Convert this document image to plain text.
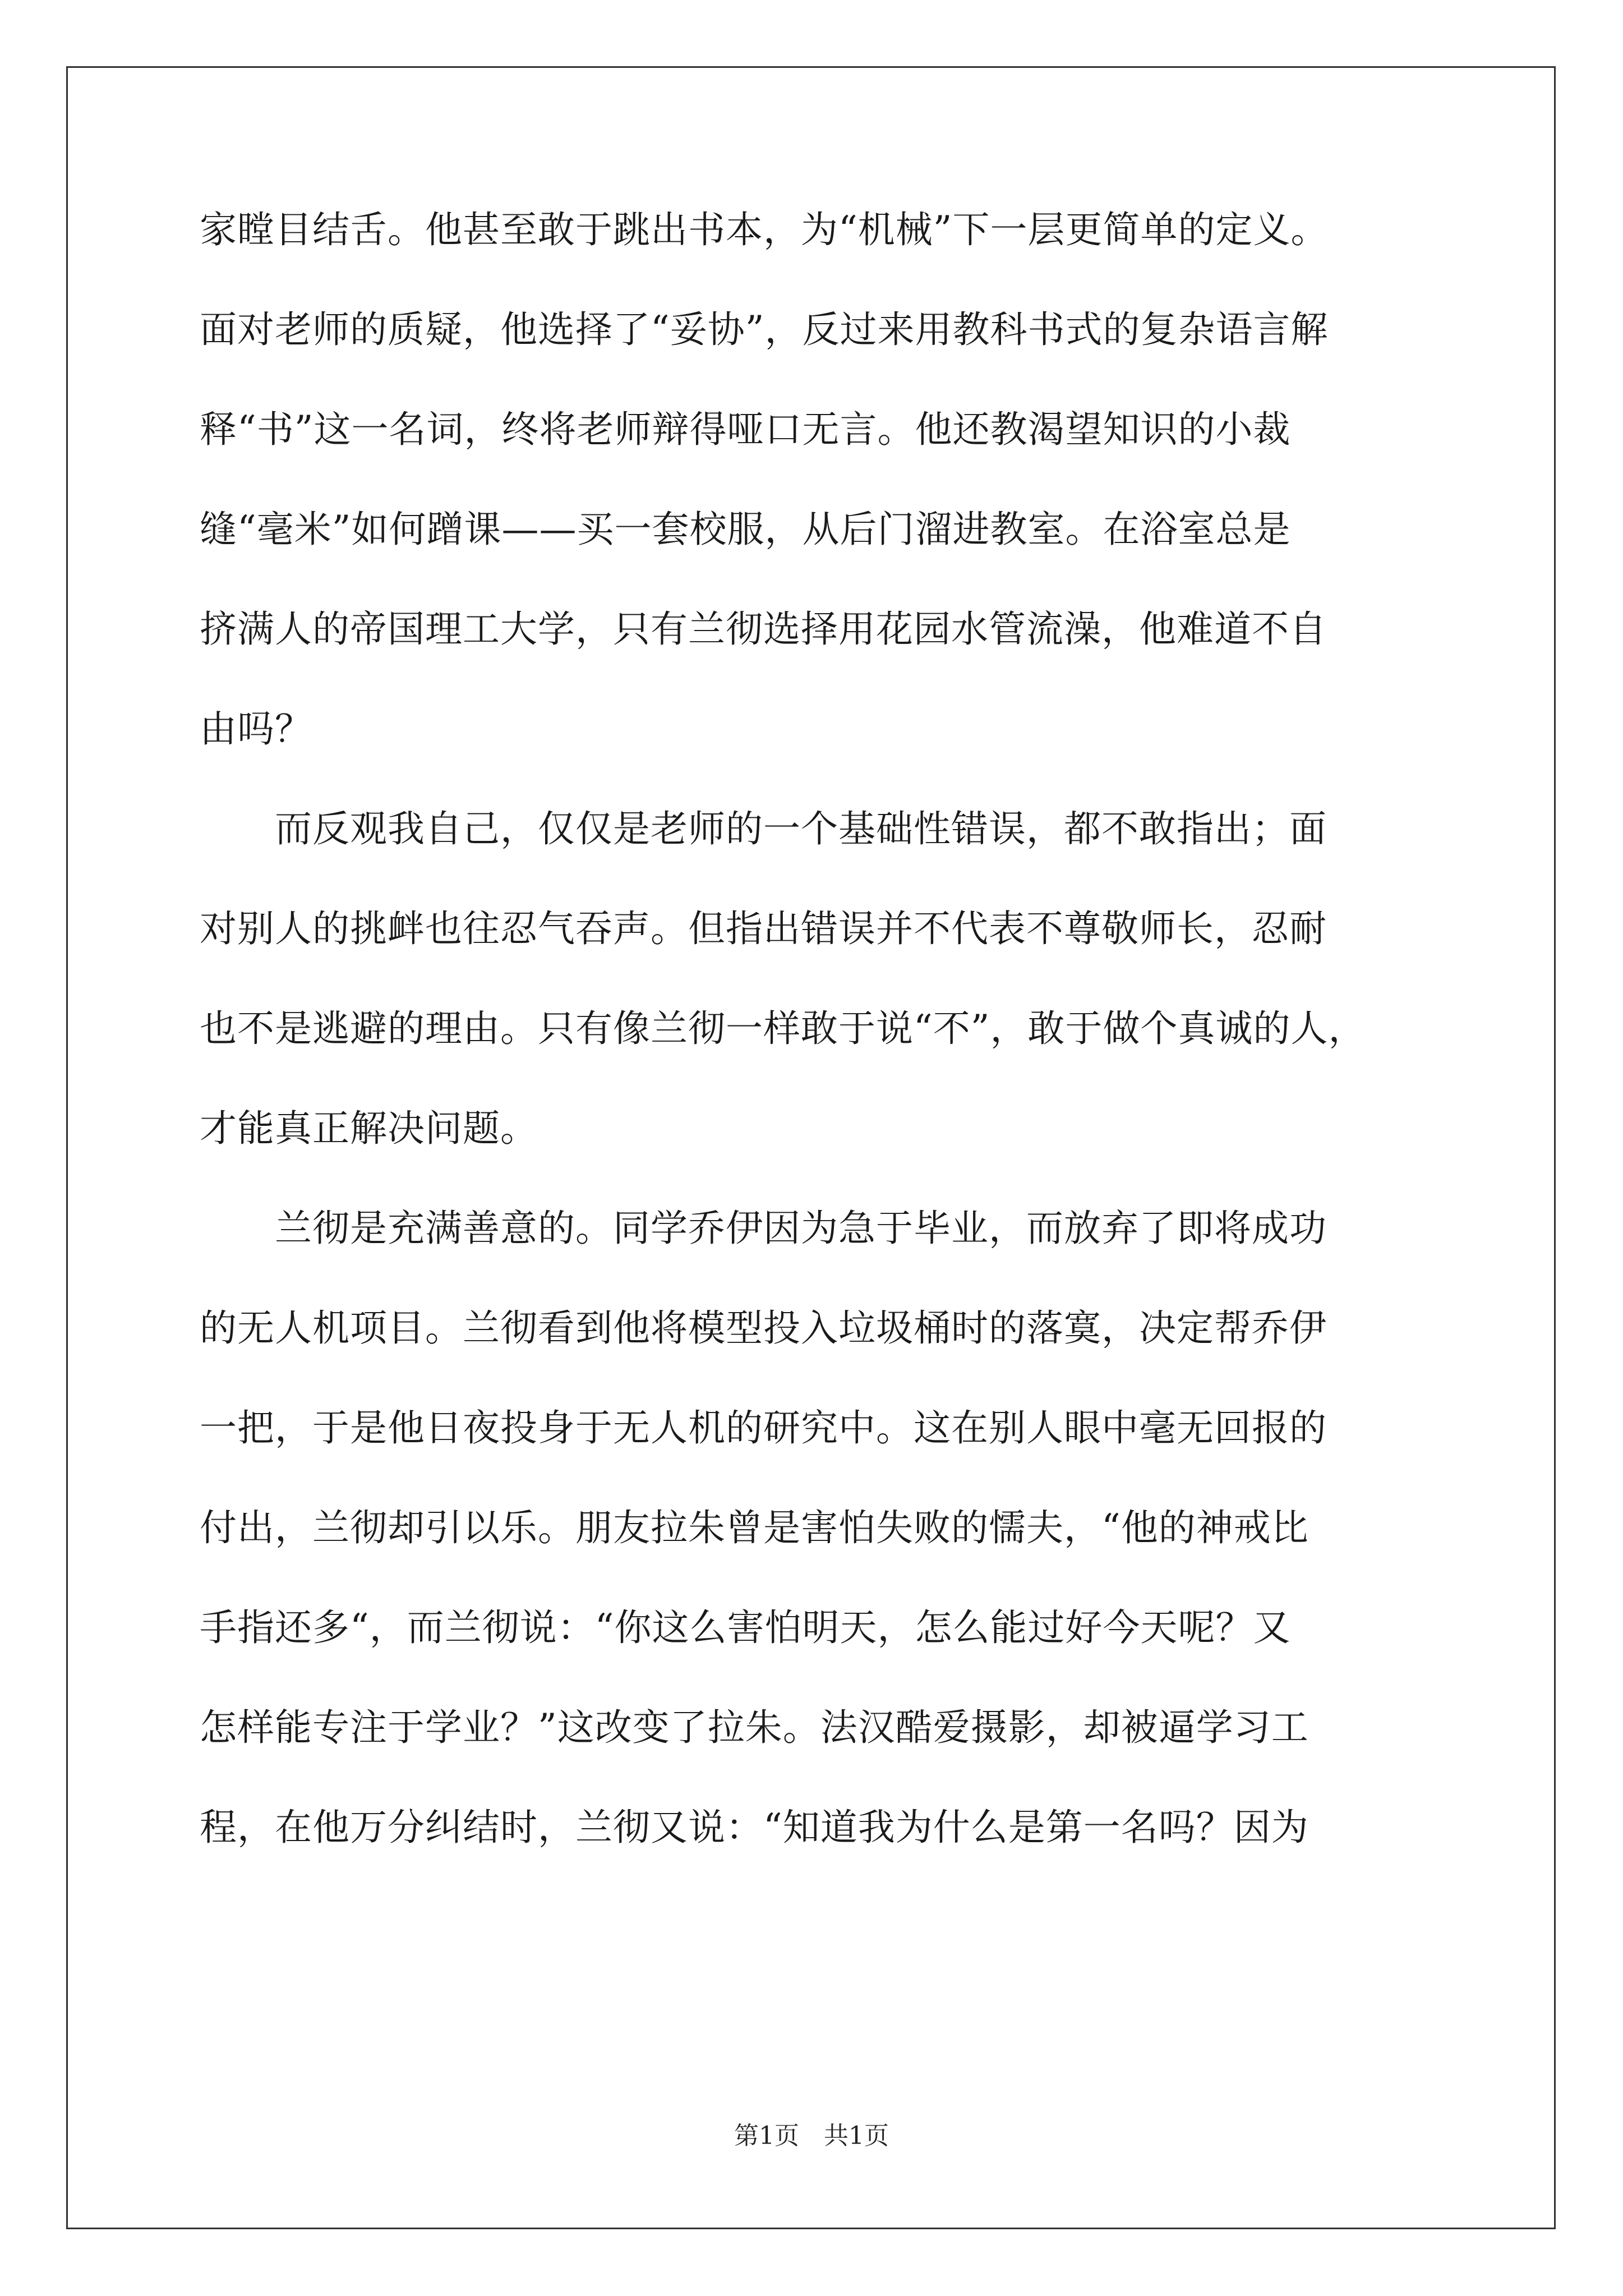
家瞠目结舌。他甚至敢于跳出书本，为“机械”下一层更简单的定义。
面对老师的质疑，他选择了“妥协”，反过来用教科书式的复杂语言解
释“书”这一名词，终将老师辩得哑口无言。他还教渴望知识的小裁
缝“毫米”如何蹭课——买一套校服，从后门溜进教室。在浴室总是
挤满人的帝国理工大学，只有兰彻选择用花园水管流澡，他难道不自
由吗？
　　而反观我自己，仅仅是老师的一个基础性错误，都不敢指出；面
对别人的挑衅也往忍气吞声。但指出错误并不代表不尊敬师长，忍耐
也不是逃避的理由。只有像兰彻一样敢于说“不”，敢于做个真诚的人，
才能真正解决问题。
　　兰彻是充满善意的。同学乔伊因为急于毕业，而放弃了即将成功
的无人机项目。兰彻看到他将模型投入垃圾桶时的落寞，决定帮乔伊
一把，于是他日夜投身于无人机的研究中。这在别人眼中毫无回报的
付出，兰彻却引以乐。朋友拉朱曾是害怕失败的懦夫，“他的神戒比
手指还多“，而兰彻说：“你这么害怕明天，怎么能过好今天呢？又
怎样能专注于学业？”这改变了拉朱。法汉酷爱摄影，却被逼学习工
程，在他万分纠结时，兰彻又说：“知道我为什么是第一名吗？因为
第1页　共1页
